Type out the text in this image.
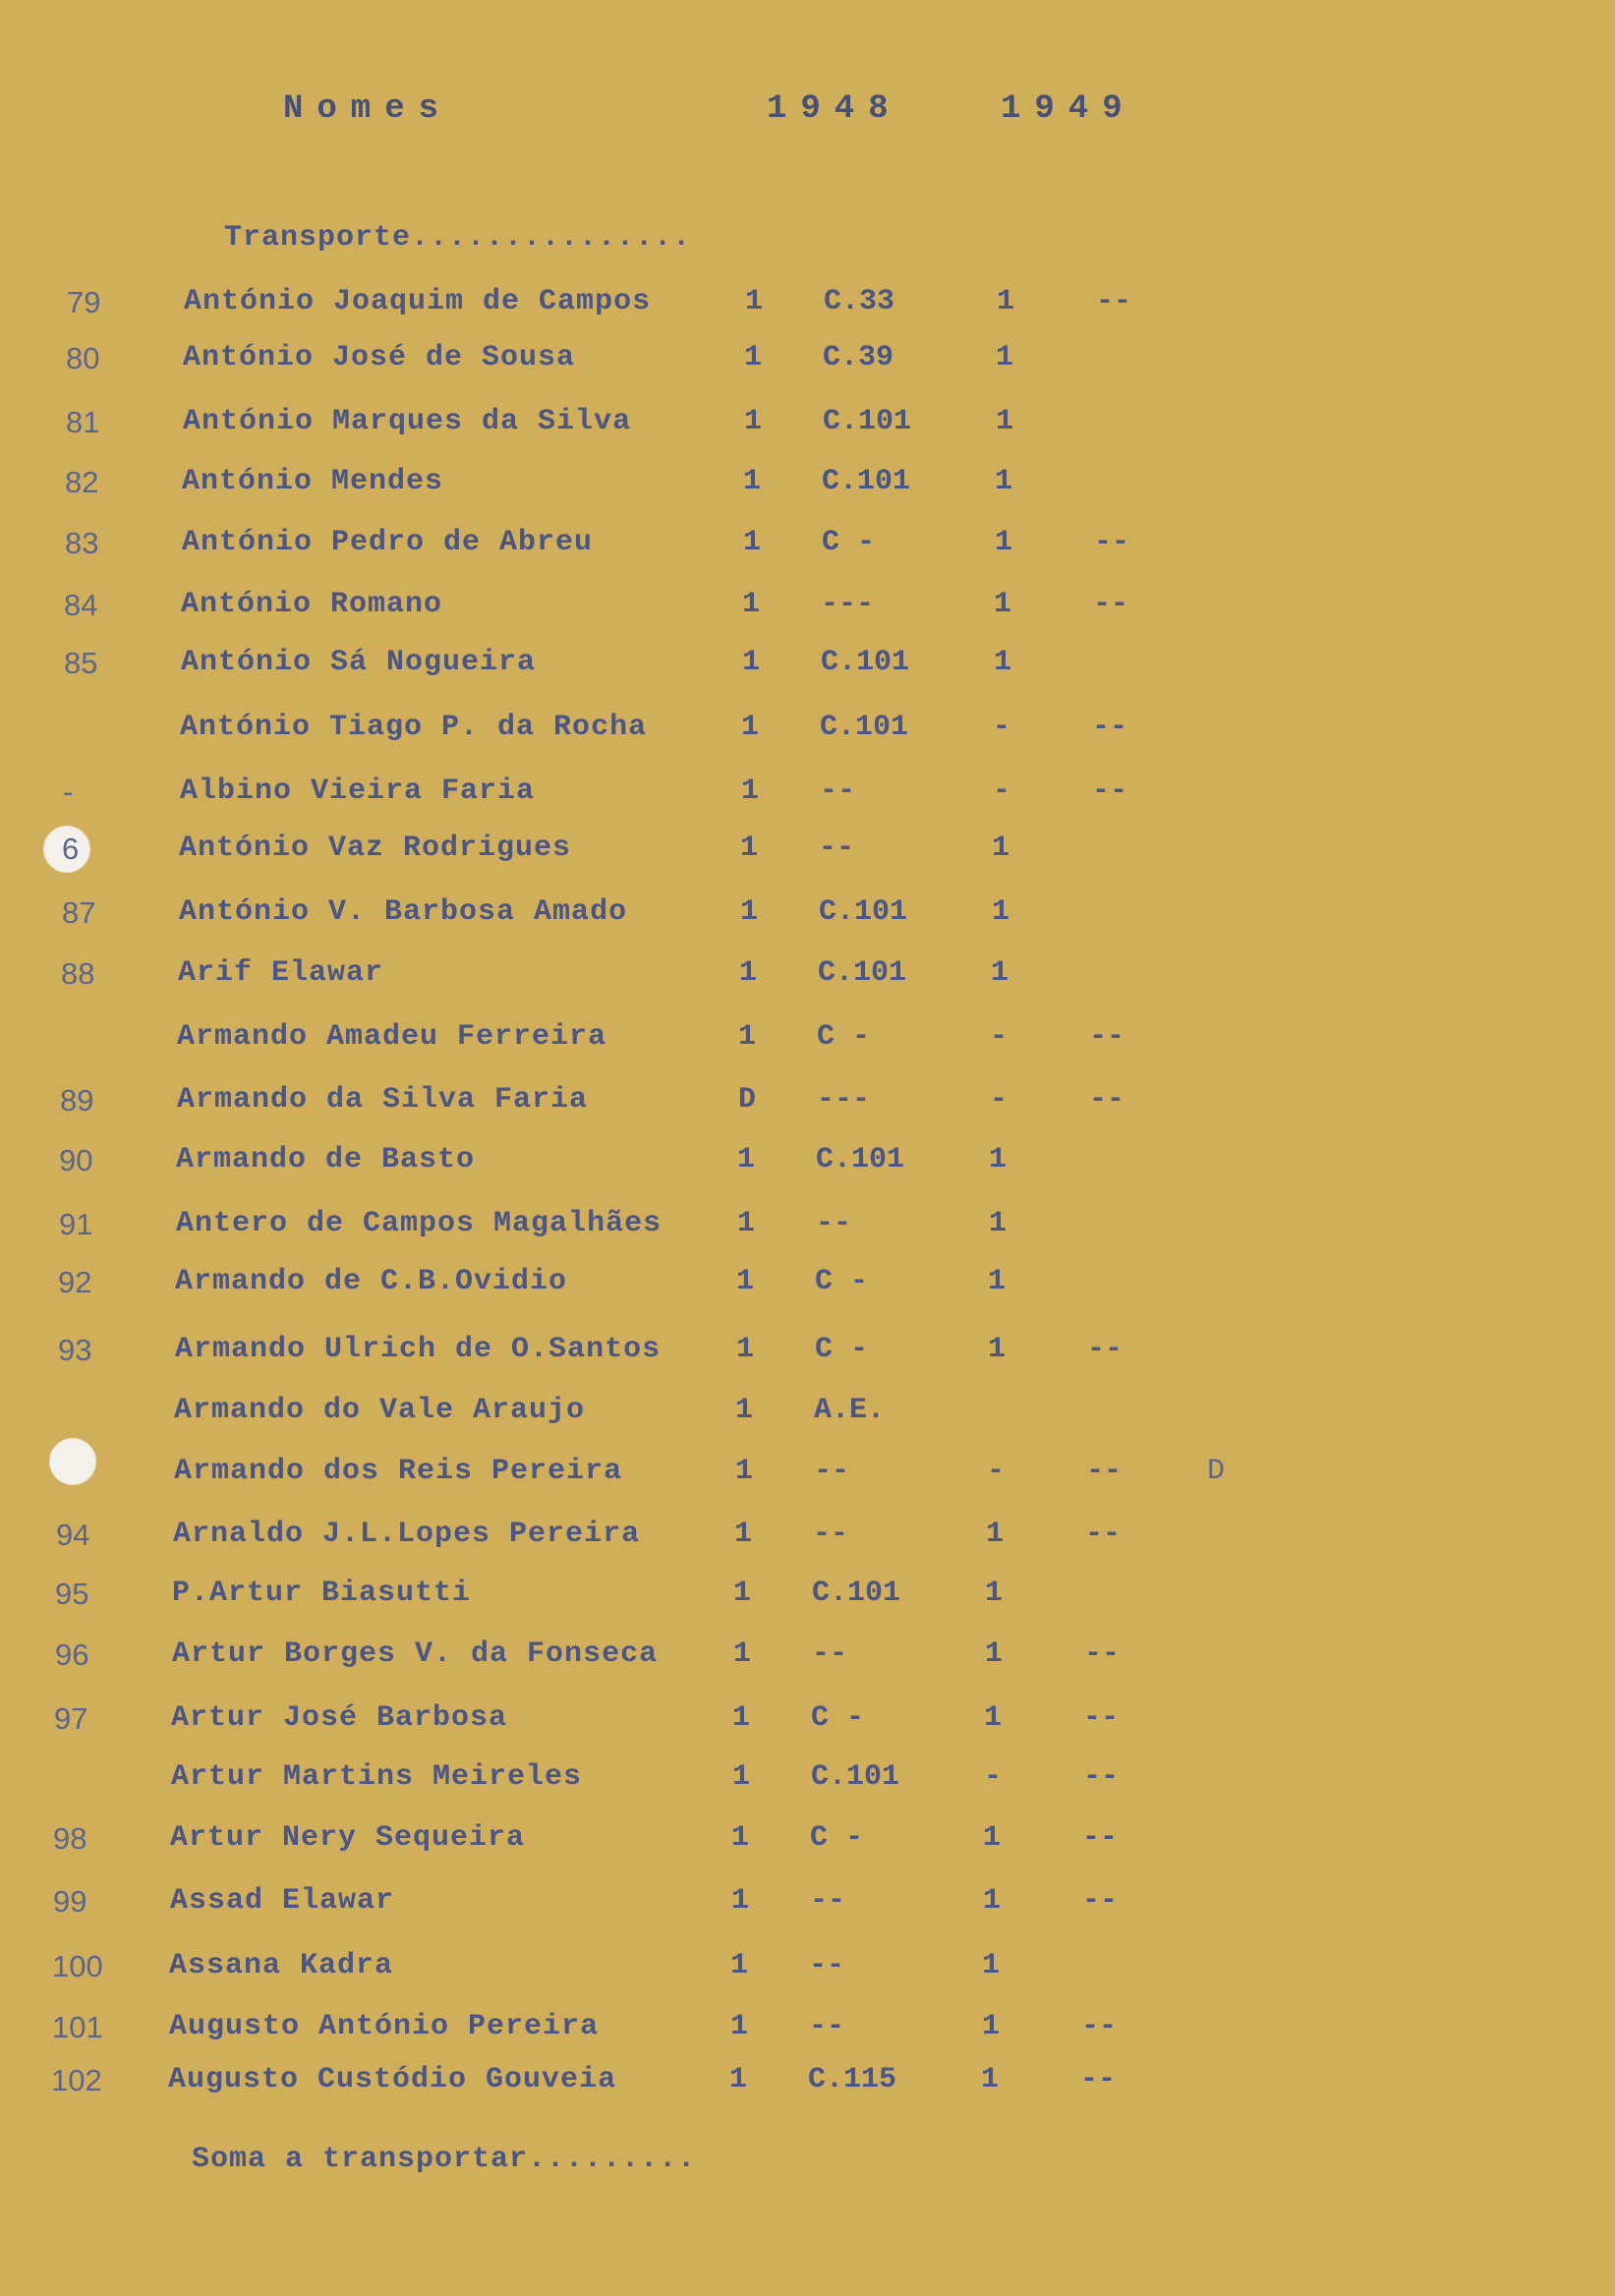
Nomes	1948	1949
Transporte...............
79	António Joaquim de Campos	1 C.33	1	--
80	António José de Sousa	1 C.39	1
81	António Marques da Silva	1 C.101	1
82	António Mendes	1 C.101	1
83	António Pedro de Abreu	1 C -	1	--
84	António Romano	1 ---	1	--
85	António Sá Nogueira	1 C.101	1
António Tiago P. da Rocha	1 C.101	-	--
-	Albino Vieira Faria	1 --	-	--
6	António Vaz Rodrigues	1 --	1
87	António V. Barbosa Amado	1 C.101	1
88	Arif Elawar	1 C.101	1
Armando Amadeu Ferreira	1 C -	-	--
89	Armando da Silva Faria	D ---	-	--
90	Armando de Basto	1 C.101	1
91	Antero de Campos Magalhães	1 --	1
92	Armando de C.B.Ovidio	1 C -	1
93	Armando Ulrich de O.Santos	1 C -	1	--
Armando do Vale Araujo	1 A.E.
Armando dos Reis Pereira	1 --	-	--	D
94	Arnaldo J.L.Lopes Pereira	1 --	1	--
95	P.Artur Biasutti	1 C.101	1
96	Artur Borges V. da Fonseca	1 --	1	--
97	Artur José Barbosa	1 C -	1	--
Artur Martins Meireles	1 C.101	-	--
98	Artur Nery Sequeira	1 C -	1	--
99	Assad Elawar	1 --	1	--
100 Assana Kadra	1 --	1
101 Augusto António Pereira	1 --	1	--
102 Augusto Custódio Gouveia	1 C.115	1	--
Soma a transportar.........
